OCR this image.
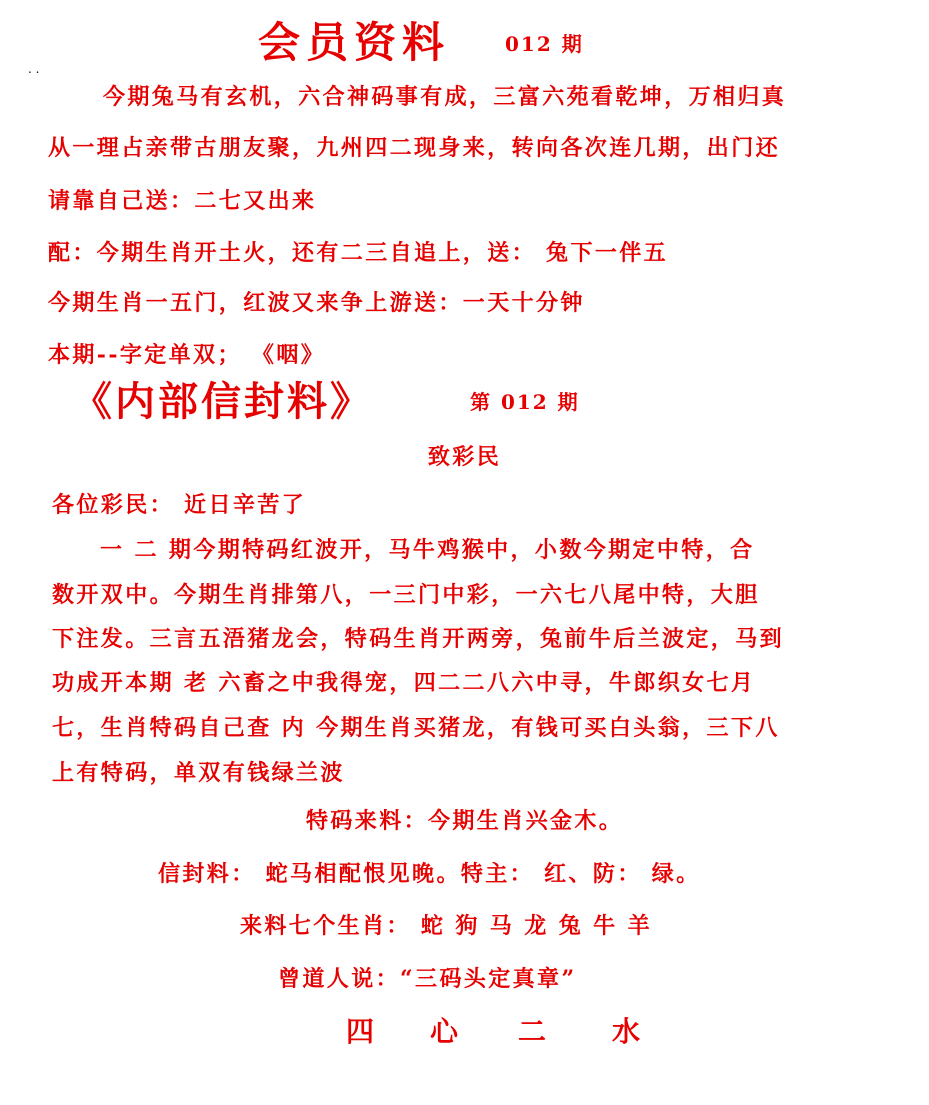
会员资料	012 期
. .
今期兔马有玄机，六合神码事有成，三富六苑看乾坤，万相归真
从一理占亲带古朋友聚，九州四二现身来，转向各次连几期，出门还
请靠自己送：二七又出来
配：今期生肖开土火，还有二三自追上，送： 兔下一伴五
今期生肖一五门，红波又来争上游送：一天十分钟
本期--字定单双； 《咽》
《内部信封料》	第 012 期
致彩民
各位彩民： 近日辛苦了
一 二 期今期特码红波开，马牛鸡猴中，小数今期定中特，合
数开双中。今期生肖排第八，一三门中彩，一六七八尾中特，大胆
下注发。三言五浯猪龙会，特码生肖开两旁，兔前牛后兰波定，马到
功成开本期 老 六畜之中我得宠，四二二八六中寻，牛郎织女七月
七，生肖特码自己查 内 今期生肖买猪龙，有钱可买白头翁，三下八
上有特码，单双有钱绿兰波
特码来料：今期生肖兴金木。
信封料： 蛇马相配恨见晚。特主： 红、防： 绿。
来料七个生肖： 蛇 狗 马 龙 兔 牛 羊
曾道人说：“三码头定真章”
四 心 二 水
